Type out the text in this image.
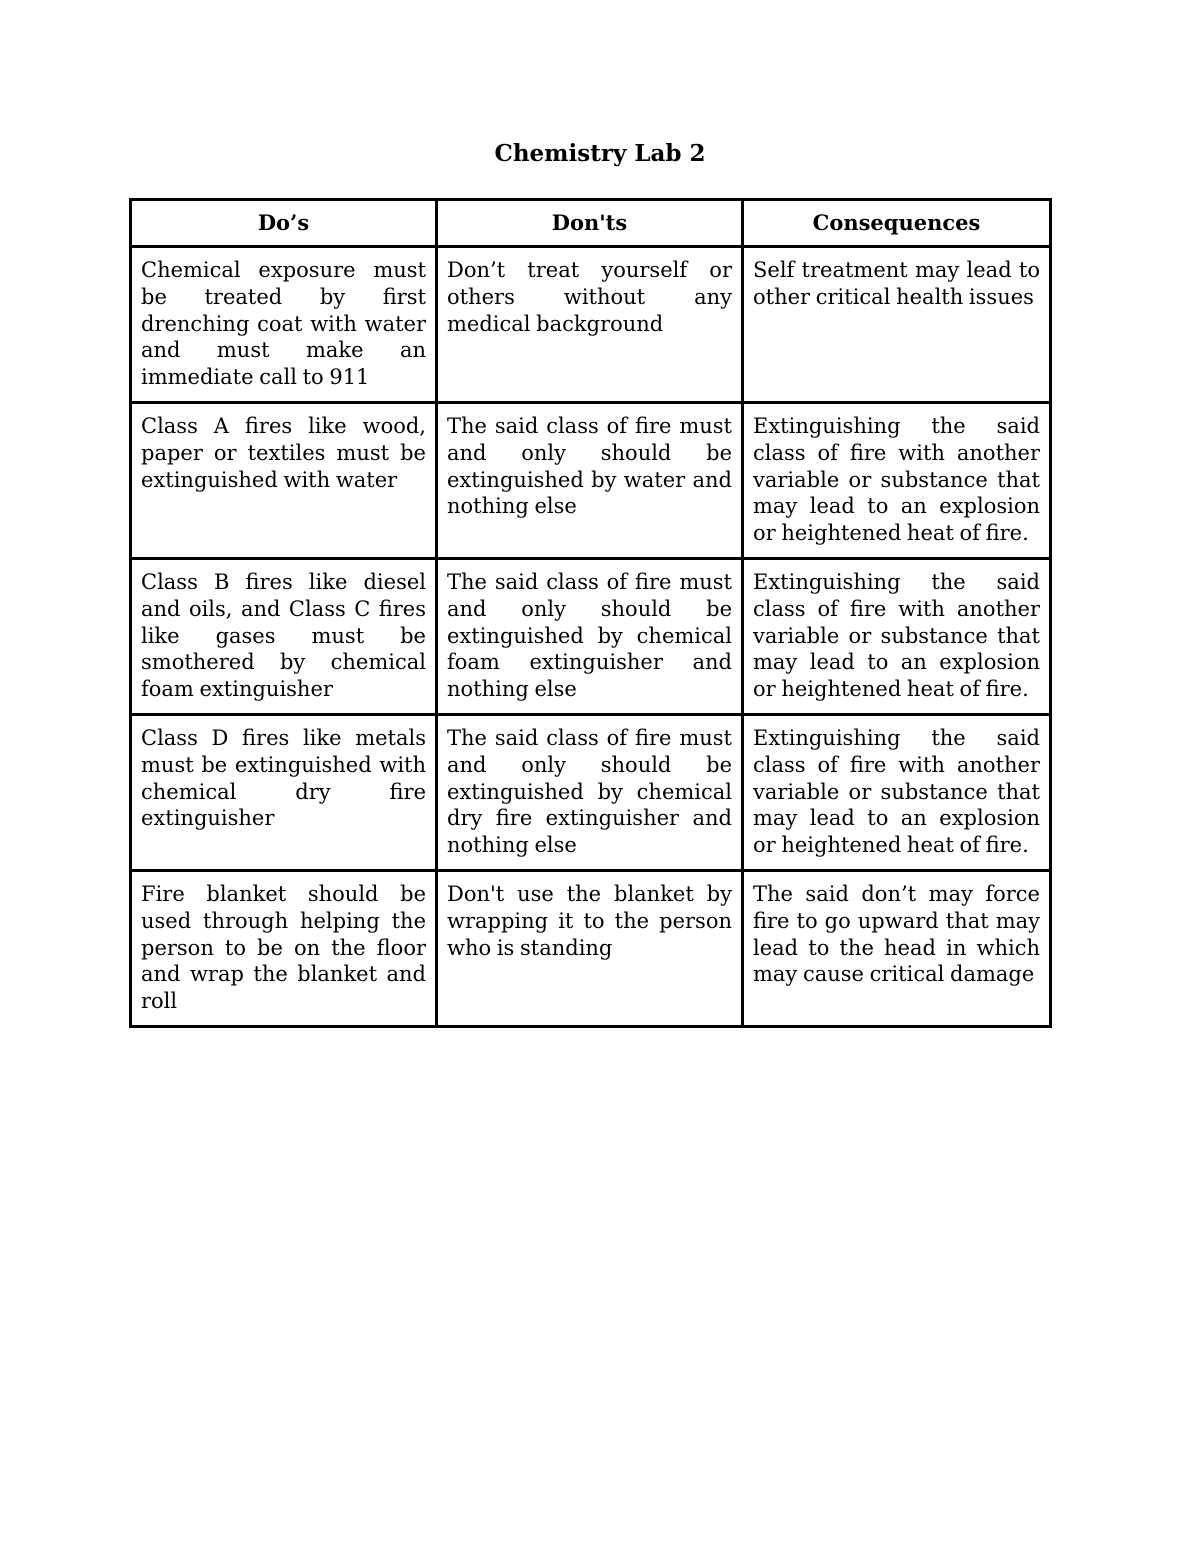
Chemistry Lab 2
Do’s	Don'ts	Consequences
Chemical exposure must be treated by first drenching coat with water and must make an immediate call to 911	Don’t treat yourself or others without any medical background	Self treatment may lead to other critical health issues
Class A fires like wood, paper or textiles must be extinguished with water	The said class of fire must and only should be extinguished by water and nothing else	Extinguishing the said class of fire with another variable or substance that may lead to an explosion or heightened heat of fire.
Class B fires like diesel and oils, and Class C fires like gases must be smothered by chemical foam extinguisher	The said class of fire must and only should be extinguished by chemical foam extinguisher and nothing else	Extinguishing the said class of fire with another variable or substance that may lead to an explosion or heightened heat of fire.
Class D fires like metals must be extinguished with chemical dry fire extinguisher	The said class of fire must and only should be extinguished by chemical dry fire extinguisher and nothing else	Extinguishing the said class of fire with another variable or substance that may lead to an explosion or heightened heat of fire.
Fire blanket should be used through helping the person to be on the floor and wrap the blanket and roll	Don't use the blanket by wrapping it to the person who is standing	The said don’t may force fire to go upward that may lead to the head in which may cause critical damage
